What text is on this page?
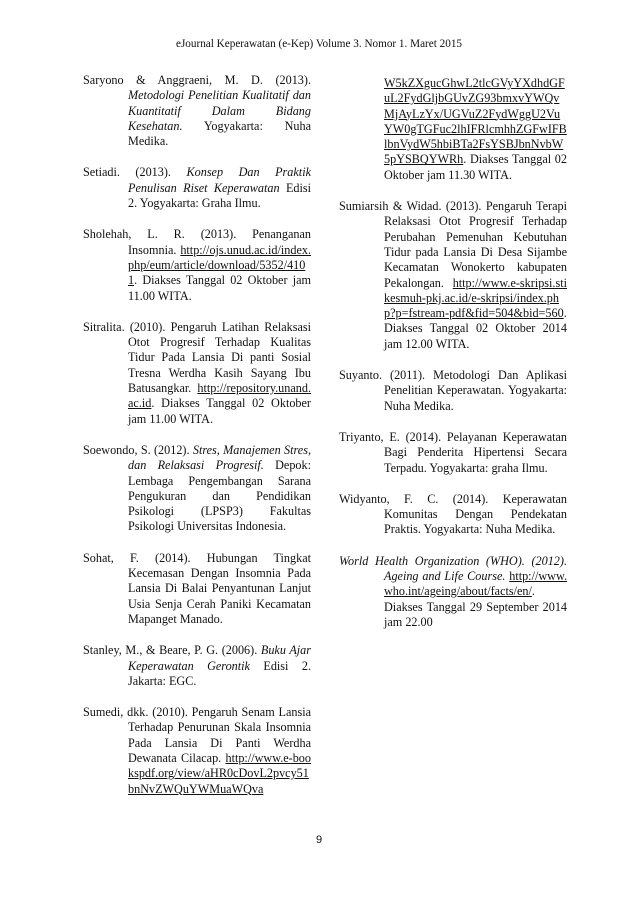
eJournal Keperawatan (e-Kep) Volume 3. Nomor 1. Maret 2015

Saryono & Anggraeni, M. D. (2013). Metodologi Penelitian Kualitatif dan Kuantitatif Dalam Bidang Kesehatan. Yogyakarta: Nuha Medika.

Setiadi. (2013). Konsep Dan Praktik Penulisan Riset Keperawatan Edisi 2. Yogyakarta: Graha Ilmu.

Sholehah, L. R. (2013). Penanganan Insomnia. http://ojs.unud.ac.id/index.php/eum/article/download/5352/4101. Diakses Tanggal 02 Oktober jam 11.00 WITA.

Sitralita. (2010). Pengaruh Latihan Relaksasi Otot Progresif Terhadap Kualitas Tidur Pada Lansia Di panti Sosial Tresna Werdha Kasih Sayang Ibu Batusangkar. http://repository.unand.ac.id. Diakses Tanggal 02 Oktober jam 11.00 WITA.

Soewondo, S. (2012). Stres, Manajemen Stres, dan Relaksasi Progresif. Depok: Lembaga Pengembangan Sarana Pengukuran dan Pendidikan Psikologi (LPSP3) Fakultas Psikologi Universitas Indonesia.

Sohat, F. (2014). Hubungan Tingkat Kecemasan Dengan Insomnia Pada Lansia Di Balai Penyantunan Lanjut Usia Senja Cerah Paniki Kecamatan Mapanget Manado.

Stanley, M., & Beare, P. G. (2006). Buku Ajar Keperawatan Gerontik Edisi 2. Jakarta: EGC.

Sumedi, dkk. (2010). Pengaruh Senam Lansia Terhadap Penurunan Skala Insomnia Pada Lansia Di Panti Werdha Dewanata Cilacap. http://www.e-bookspdf.org/view/aHR0cDovL2pvcy51bnNvZWQuYWMuaWQva

W5kZXgucGhwL2tlcGVyYXdhdGFuL2FydGljbGUvZG93bmxvYWQvMjAyLzYx/UGVuZ2FydWggU2VuYW0gTGFuc2lhIFRlcmhhZGFwIFBlbnVydW5hbiBTa2FsYSBJbnNvbW5pYSBQYWRh. Diakses Tanggal 02 Oktober jam 11.30 WITA.

Sumiarsih & Widad. (2013). Pengaruh Terapi Relaksasi Otot Progresif Terhadap Perubahan Pemenuhan Kebutuhan Tidur pada Lansia Di Desa Sijambe Kecamatan Wonokerto kabupaten Pekalongan. http://www.e-skripsi.stikesmuh-pkj.ac.id/e-skripsi/index.php?p=fstream-pdf&fid=504&bid=560. Diakses Tanggal 02 Oktober 2014 jam 12.00 WITA.

Suyanto. (2011). Metodologi Dan Aplikasi Penelitian Keperawatan. Yogyakarta: Nuha Medika.

Triyanto, E. (2014). Pelayanan Keperawatan Bagi Penderita Hipertensi Secara Terpadu. Yogyakarta: graha Ilmu.

Widyanto, F. C. (2014). Keperawatan Komunitas Dengan Pendekatan Praktis. Yogyakarta: Nuha Medika.

World Health Organization (WHO). (2012). Ageing and Life Course. http://www.who.int/ageing/about/facts/en/. Diakses Tanggal 29 September 2014 jam 22.00

9
